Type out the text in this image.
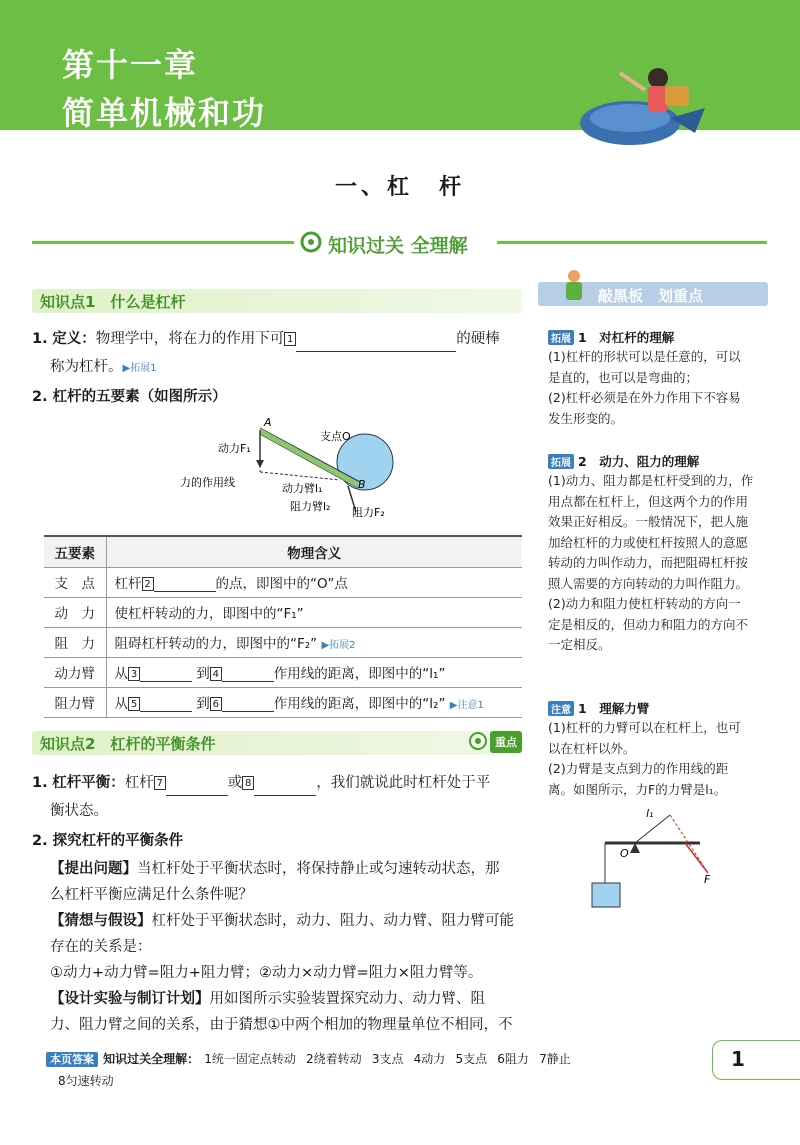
第十一章
简单机械和功
一、杠　杆
知识过关 全理解
知识点1　什么是杠杆
1. 定义：物理学中，将在力的作用下可 1	的硬棒
称为杠杆。▶拓展1
2. 杠杆的五要素（如图所示）
A
动力F₁
支点O
力的作用线	动力臂l₁	B
阻力臂l₂ 阻力F₂
五要素	物理含义
支　点	杠杆 2 的点，即图中的“O”点
动　力	使杠杆转动的力，即图中的“F₁”
阻　力	阻碍杠杆转动的力，即图中的“F₂” ▶拓展2
动力臂	从 3 到 4 作用线的距离，即图中的“l₁”
阻力臂	从 5 到 6 作用线的距离，即图中的“l₂” ▶注意1
知识点2　杠杆的平衡条件	重点
1. 杠杆平衡：杠杆 7	或 8	，我们就说此时杠杆处于平
衡状态。
2. 探究杠杆的平衡条件
【提出问题】当杠杆处于平衡状态时，将保持静止或匀速转动状态，那
么杠杆平衡应满足什么条件呢？
【猜想与假设】杠杆处于平衡状态时，动力、阻力、动力臂、阻力臂可能
存在的关系是：
①动力+动力臂=阻力+阻力臂；②动力×动力臂=阻力×阻力臂等。
【设计实验与制订计划】用如图所示实验装置探究动力、动力臂、阻
力、阻力臂之间的关系，由于猜想①中两个相加的物理量单位不相同，不
敲黑板　划重点
拓展 1　 对杠杆的理解
(1)杠杆的形状可以是任意的，可以
是直的，也可以是弯曲的；
(2)杠杆必须是在外力作用下不容易
发生形变的。
拓展 2　 动力、阻力的理解
(1)动力、阻力都是杠杆受到的力，作
用点都在杠杆上，但这两个力的作用
效果正好相反。一般情况下，把人施
加给杠杆的力或使杠杆按照人的意愿
转动的力叫作动力，而把阻碍杠杆按
照人需要的方向转动的力叫作阻力。
(2)动力和阻力使杠杆转动的方向一
定是相反的，但动力和阻力的方向不
一定相反。
注意 1　 理解力臂
(1)杠杆的力臂可以在杠杆上，也可
以在杠杆以外。
(2)力臂是支点到力的作用线的距
离。如图所示，力F的力臂是l₁。
l₁
O
F
本页答案 知识过关全理解： 1统一固定点转动 2绕着转动 3支点 4动力 5支点 6阻力 7静止
8匀速转动
1
